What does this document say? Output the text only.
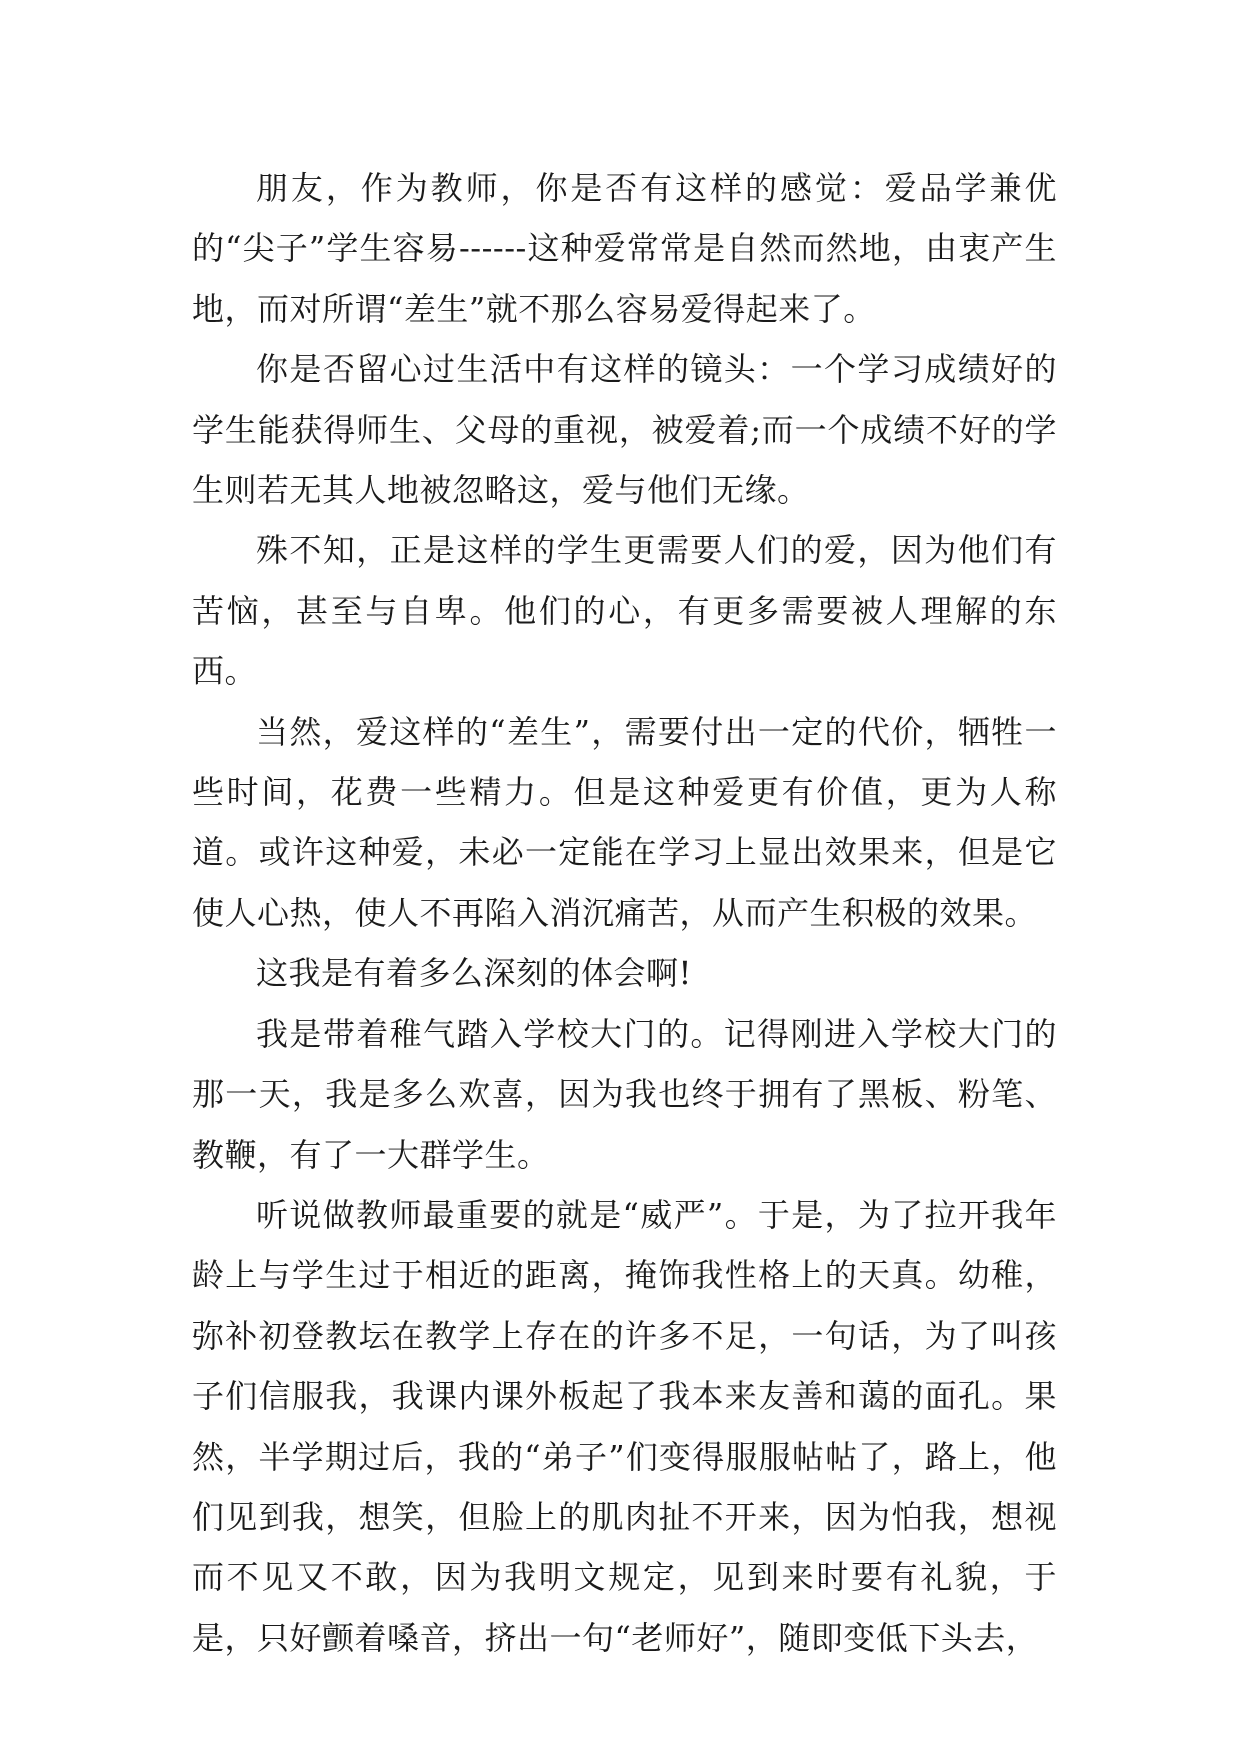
朋友，作为教师，你是否有这样的感觉：爱品学兼优的“尖子”学生容易------这种爱常常是自然而然地，由衷产生地，而对所谓“差生”就不那么容易爱得起来了。

你是否留心过生活中有这样的镜头：一个学习成绩好的学生能获得师生、父母的重视，被爱着;而一个成绩不好的学生则若无其人地被忽略这，爱与他们无缘。

殊不知，正是这样的学生更需要人们的爱，因为他们有苦恼，甚至与自卑。他们的心，有更多需要被人理解的东西。

当然，爱这样的“差生”，需要付出一定的代价，牺牲一些时间，花费一些精力。但是这种爱更有价值，更为人称道。或许这种爱，未必一定能在学习上显出效果来，但是它使人心热，使人不再陷入消沉痛苦，从而产生积极的效果。

这我是有着多么深刻的体会啊!

我是带着稚气踏入学校大门的。记得刚进入学校大门的那一天，我是多么欢喜，因为我也终于拥有了黑板、粉笔、教鞭，有了一大群学生。

听说做教师最重要的就是“威严”。于是，为了拉开我年龄上与学生过于相近的距离，掩饰我性格上的天真。幼稚，弥补初登教坛在教学上存在的许多不足，一句话，为了叫孩子们信服我，我课内课外板起了我本来友善和蔼的面孔。果然，半学期过后，我的“弟子”们变得服服帖帖了，路上，他们见到我，想笑，但脸上的肌肉扯不开来，因为怕我，想视而不见又不敢，因为我明文规定，见到来时要有礼貌，于是，只好颤着嗓音，挤出一句“老师好”，随即变低下头去，
